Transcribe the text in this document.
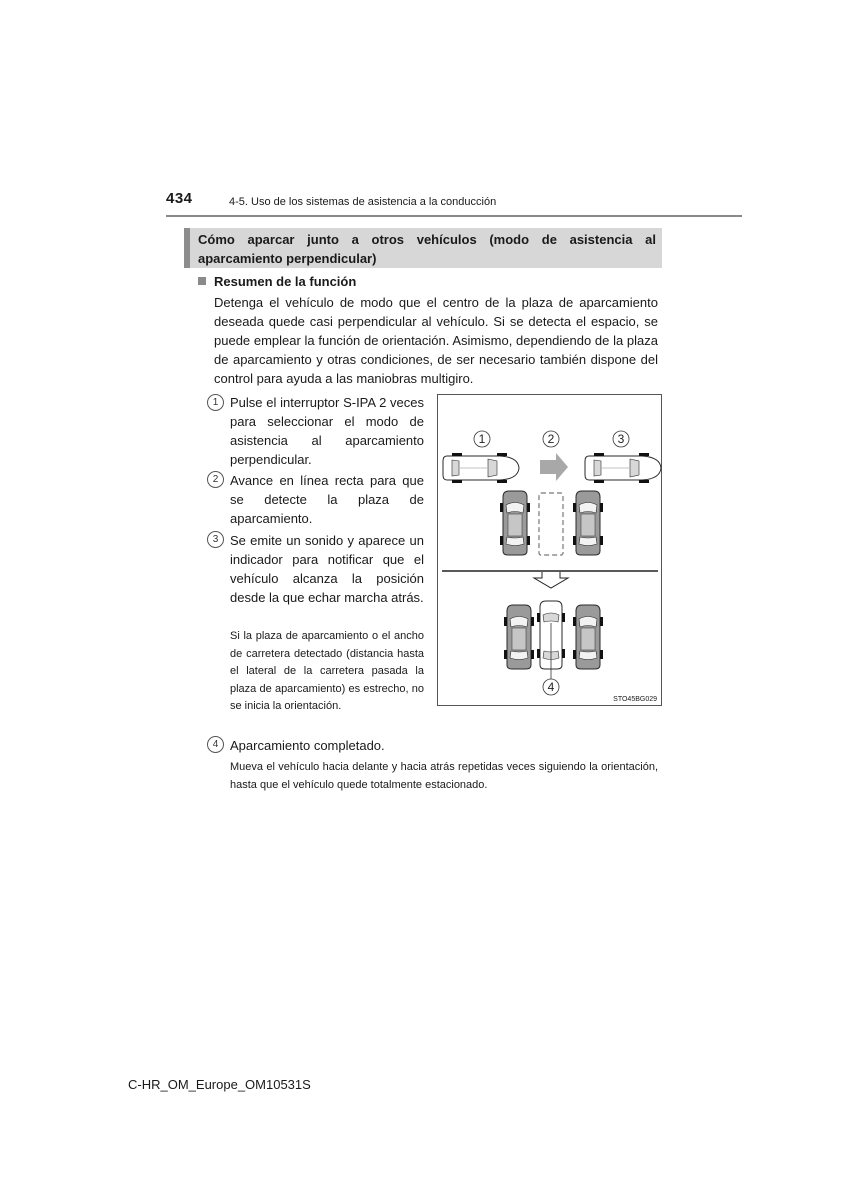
434	4-5. Uso de los sistemas de asistencia a la conducción
Cómo aparcar junto a otros vehículos (modo de asistencia al aparcamiento perpendicular)
Resumen de la función
Detenga el vehículo de modo que el centro de la plaza de aparcamiento deseada quede casi perpendicular al vehículo. Si se detecta el espacio, se puede emplear la función de orientación. Asimismo, dependiendo de la plaza de aparcamiento y otras condiciones, de ser necesario también dispone del control para ayuda a las maniobras multigiro.
1 Pulse el interruptor S-IPA 2 veces para seleccionar el modo de asistencia al aparcamiento perpendicular.
2 Avance en línea recta para que se detecte la plaza de aparcamiento.
3 Se emite un sonido y aparece un indicador para notificar que el vehículo alcanza la posición desde la que echar marcha atrás.
Si la plaza de aparcamiento o el ancho de carretera detectado (distancia hasta el lateral de la carretera pasada la plaza de aparcamiento) es estrecho, no se inicia la orientación.
4 Aparcamiento completado.
Mueva el vehículo hacia delante y hacia atrás repetidas veces siguiendo la orientación, hasta que el vehículo quede totalmente estacionado.
1	2	3
4
STO45BG029
C-HR_OM_Europe_OM10531S
